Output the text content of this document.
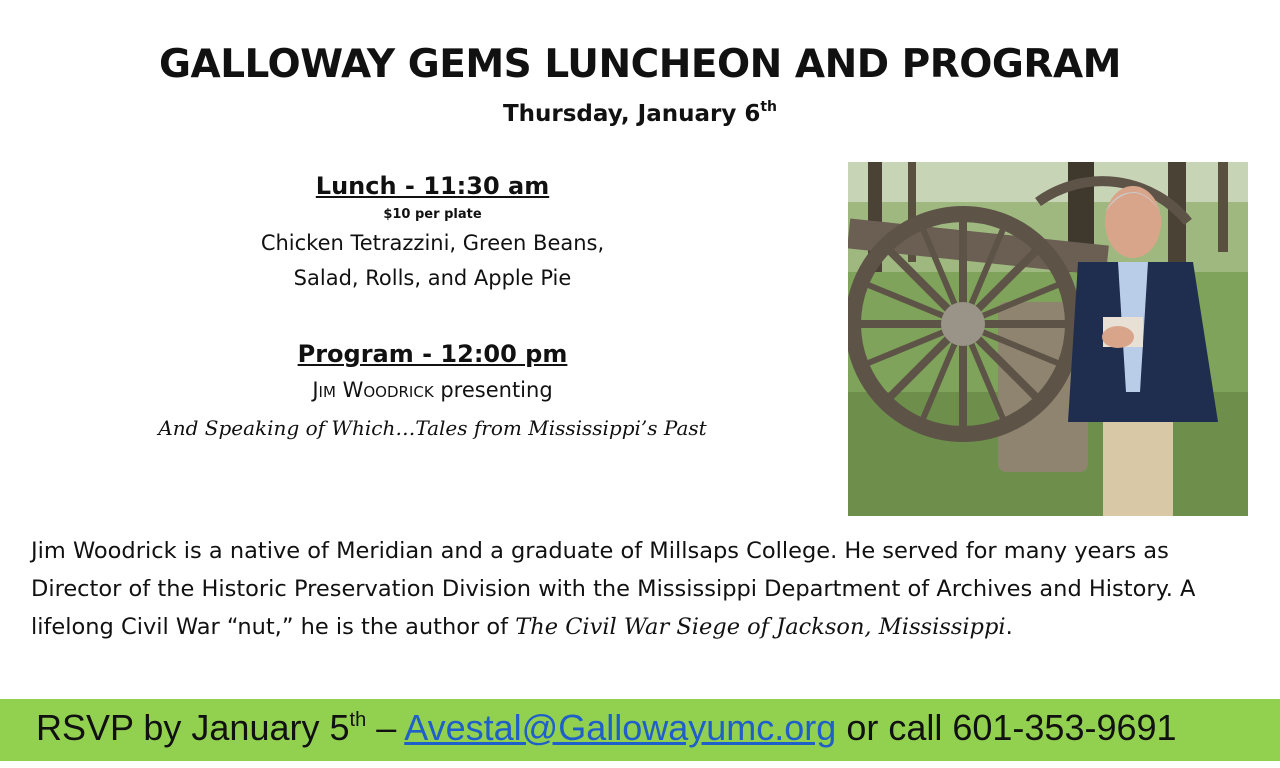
GALLOWAY GEMS LUNCHEON AND PROGRAM
Thursday, January 6th
Lunch - 11:30 am
$10 per plate
Chicken Tetrazzini, Green Beans,
Salad, Rolls, and Apple Pie
Program - 12:00 pm
Jim Woodrick presenting
And Speaking of Which…Tales from Mississippi’s Past

Jim Woodrick is a native of Meridian and a graduate of Millsaps College. He served for many years as Director of the Historic Preservation Division with the Mississippi Department of Archives and History. A lifelong Civil War “nut,” he is the author of The Civil War Siege of Jackson, Mississippi.

RSVP by January 5th – Avestal@Gallowayumc.org or call 601-353-9691
